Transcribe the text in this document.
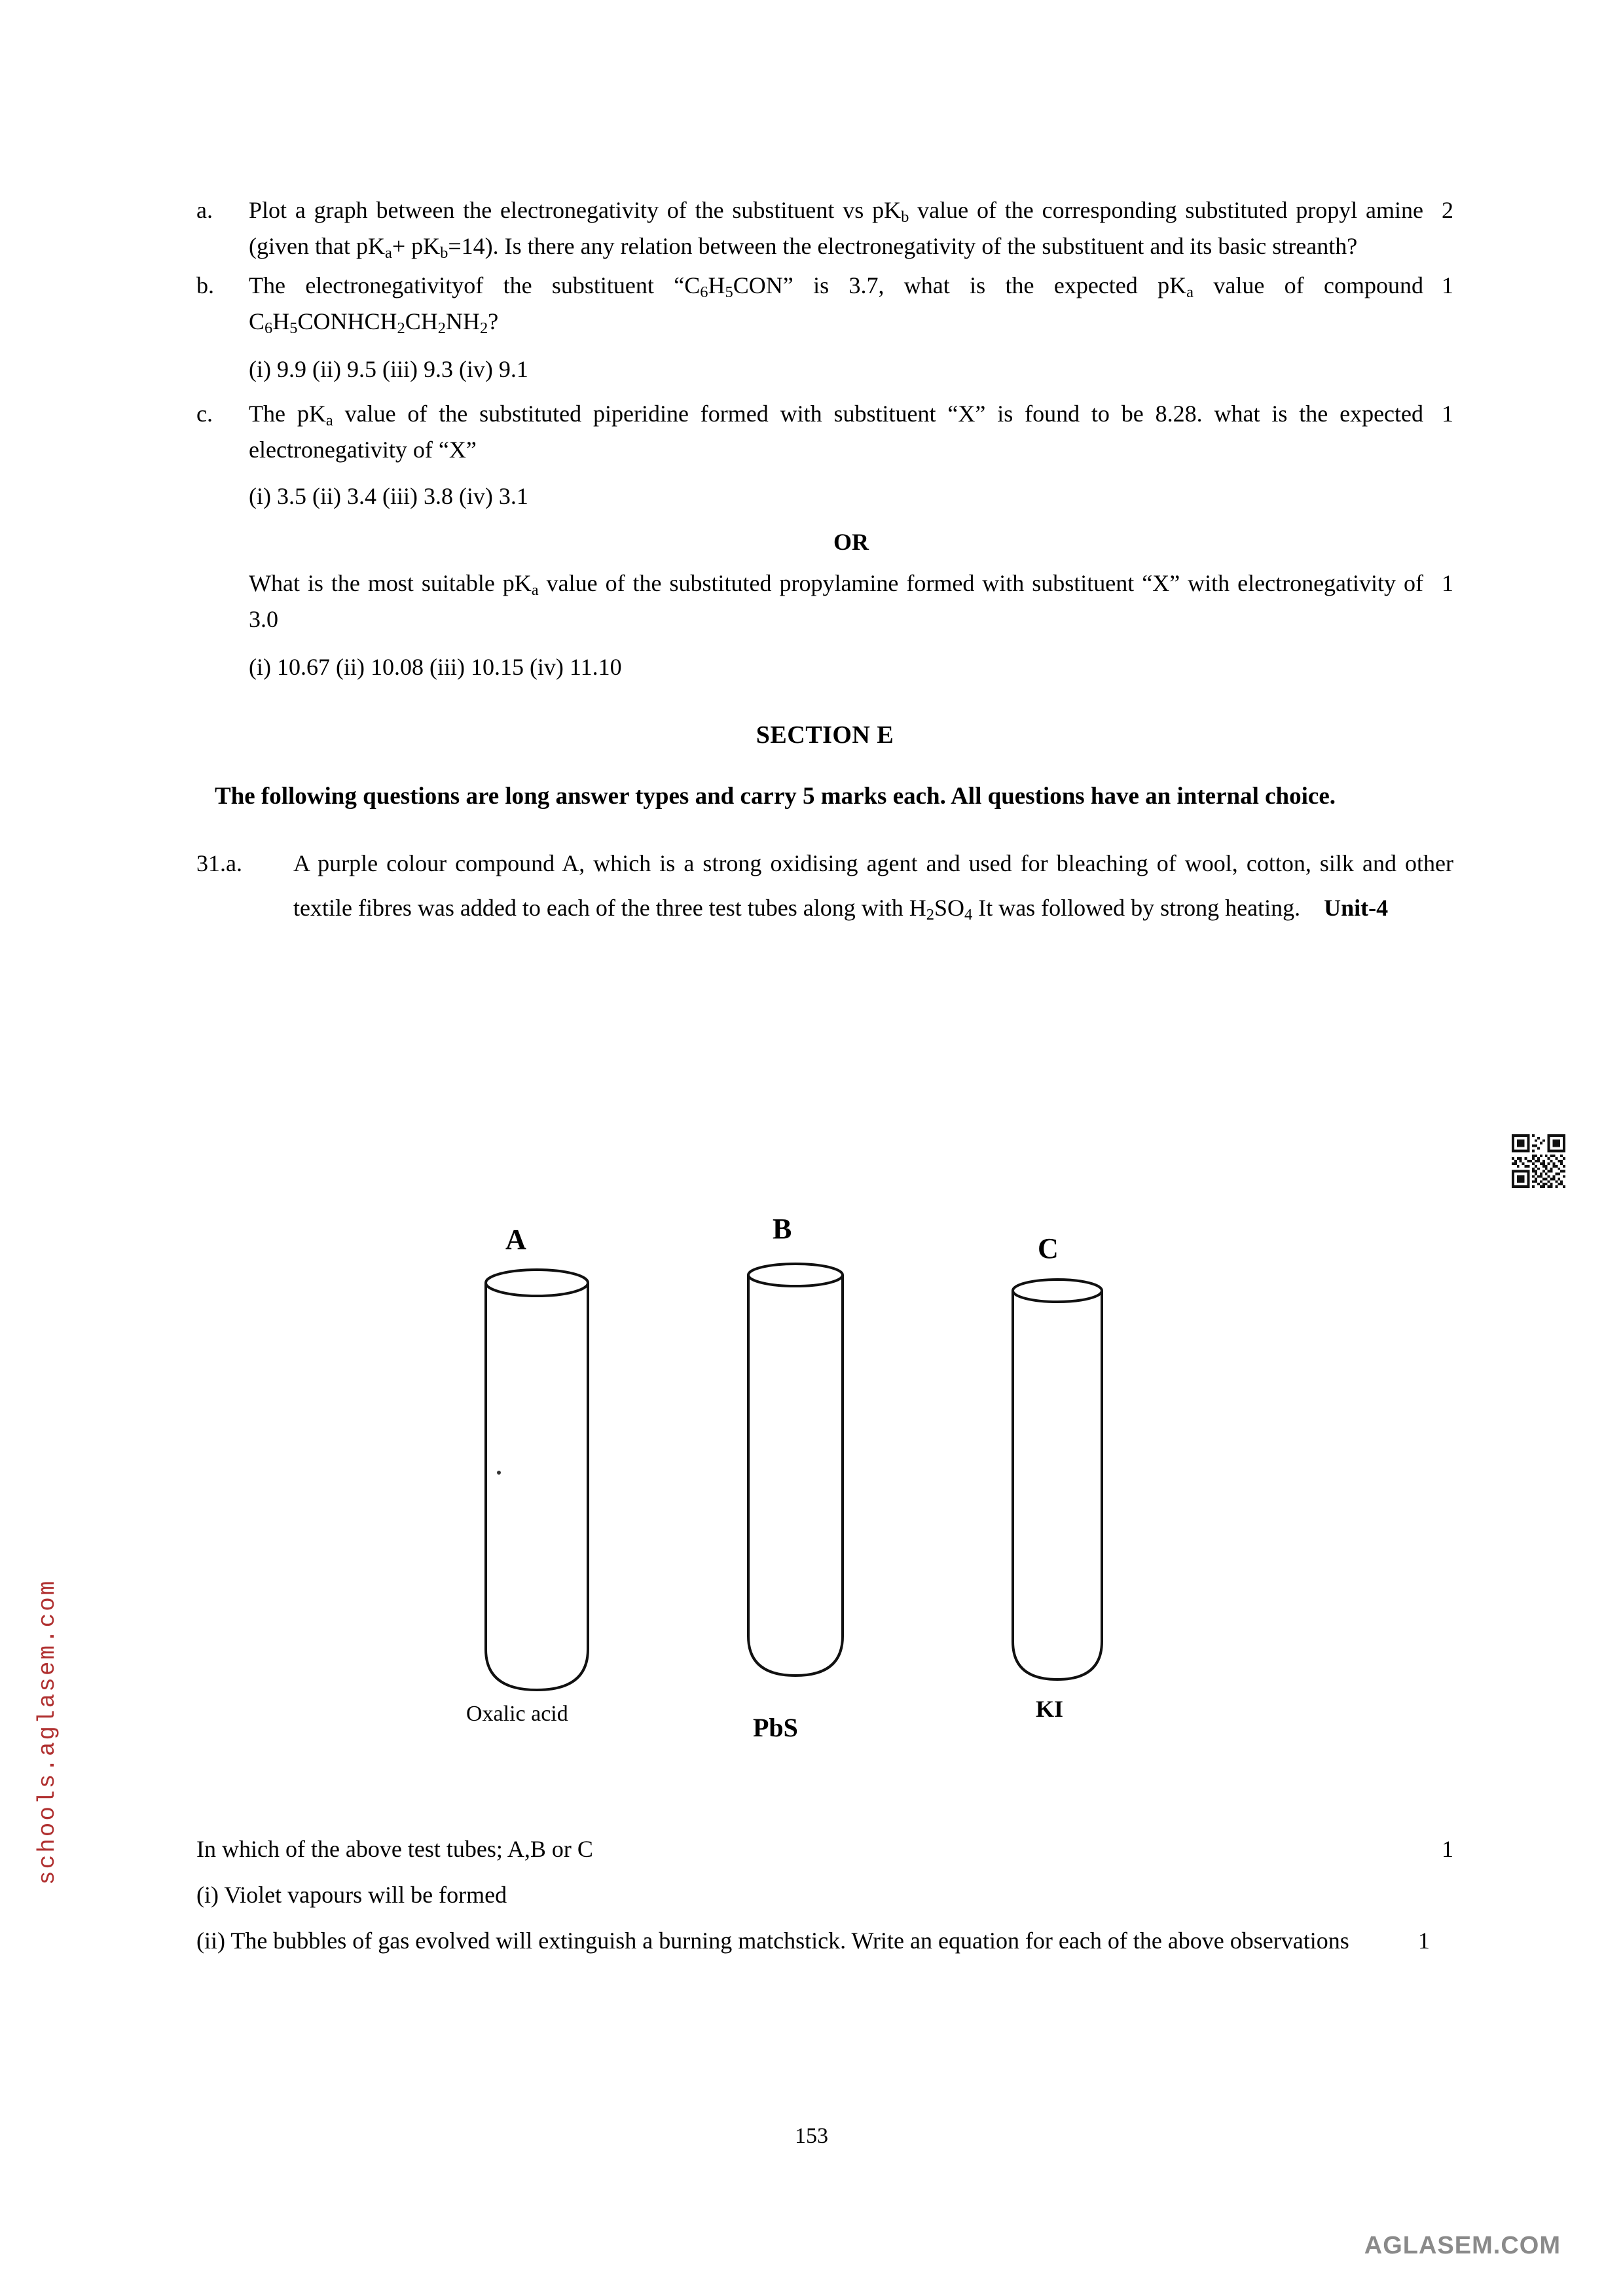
schools.aglasem.com
AGLASEM.COM
a.	2
Plot a graph between the electronegativity of the substituent vs $pK_b$ value of the corresponding substituted propyl amine (given that $pK_a+ pK_b=14$). Is there any relation between the electronegativity of the substituent and its basic streanth?
b.	1
The electronegativityof the substituent “$C_6H_5CON$” is 3.7, what is the expected $pK_a$ value of compound $C_6H_5CONHCH_2CH_2NH_2$?
(i) 9.9 (ii) 9.5 (iii) 9.3 (iv) 9.1
c.	1
The $pK_a$ value of the substituted piperidine formed with substituent “X” is found to be 8.28. what is the expected electronegativity of “X”
(i) 3.5 (ii) 3.4 (iii) 3.8 (iv) 3.1
OR
1
What is the most suitable $pK_a$ value of the substituted propylamine formed with substituent “X” with electronegativity of 3.0
(i) 10.67 (ii) 10.08 (iii) 10.15 (iv) 11.10
SECTION E
The following questions are long answer types and carry 5 marks each. All questions have an internal choice.
31.a.	A purple colour compound A, which is a strong oxidising agent and used for bleaching of wool, cotton, silk and other textile fibres was added to each of the three test tubes along with $H_2SO_4$ It was followed by strong heating. Unit-4
A	B
C
Oxalic acid	PbS
KI
1
In which of the above test tubes; A,B or C
(i) Violet vapours will be formed
1
(ii) The bubbles of gas evolved will extinguish a burning matchstick. Write an equation for each of the above observations
153
